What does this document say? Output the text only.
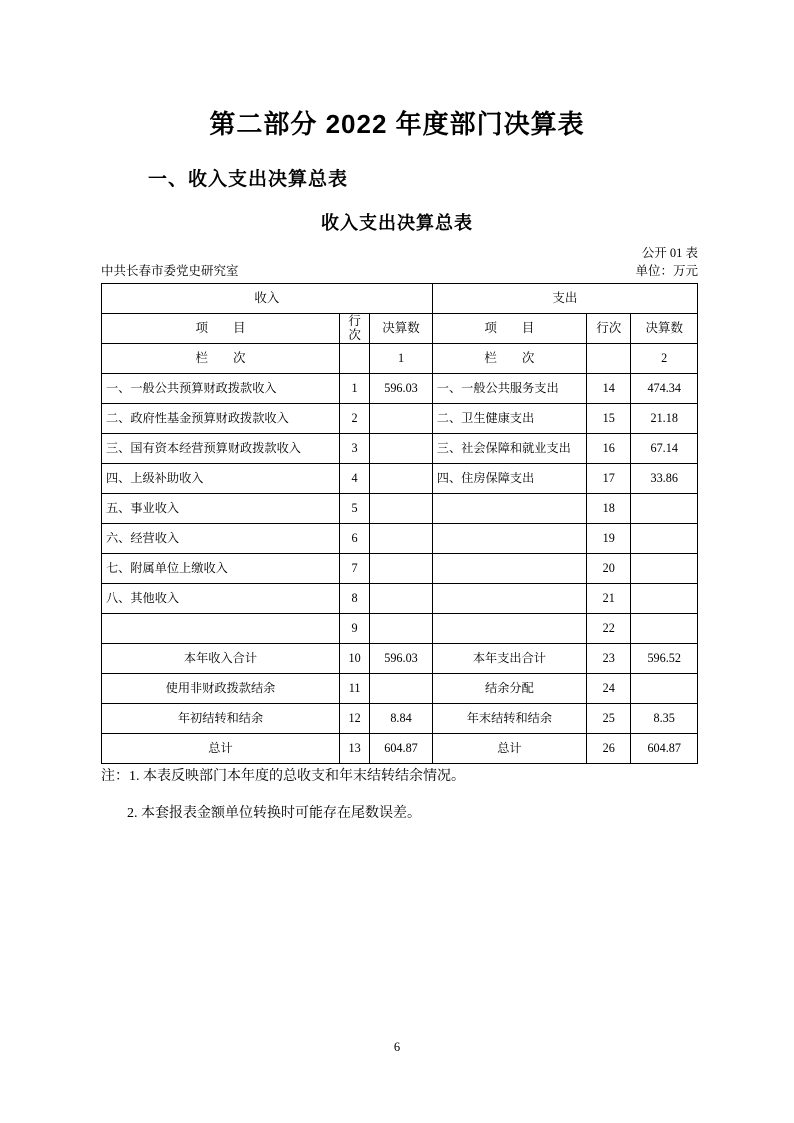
第二部分 2022 年度部门决算表
一、收入支出决算总表
收入支出决算总表
公开 01 表
单位：万元
中共长春市委党史研究室
收入			支出		
项　　目	行次	决算数	项　　目	行次	决算数
栏　　次		1	栏　　次		2
一、一般公共预算财政拨款收入	1	596.03	一、一般公共服务支出	14	474.34
二、政府性基金预算财政拨款收入	2		二、卫生健康支出	15	21.18
三、国有资本经营预算财政拨款收入	3		三、社会保障和就业支出	16	67.14
四、上级补助收入	4		四、住房保障支出	17	33.86
五、事业收入	5			18	
六、经营收入	6			19	
七、附属单位上缴收入	7			20	
八、其他收入	8			21	
	9			22	
本年收入合计	10	596.03	本年支出合计	23	596.52
使用非财政拨款结余	11		结余分配	24	
年初结转和结余	12	8.84	年末结转和结余	25	8.35
总计	13	604.87	总计	26	604.87
注：1. 本表反映部门本年度的总收支和年末结转结余情况。
2. 本套报表金额单位转换时可能存在尾数误差。
6
